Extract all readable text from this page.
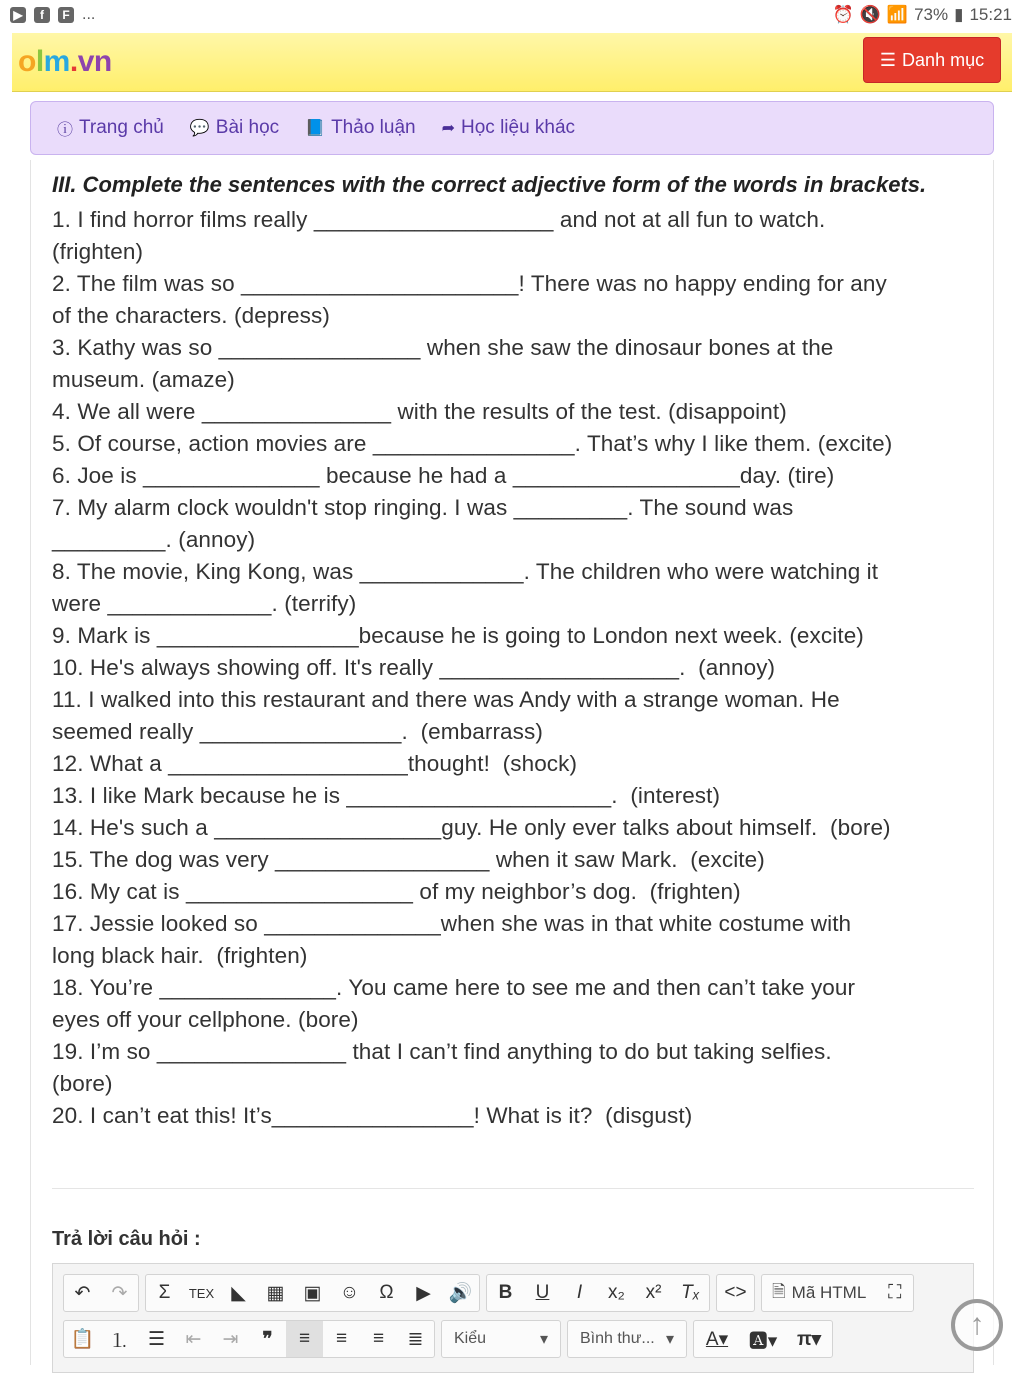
▶	f	F ...	⏰ 🔇 📶 73% ▮ 15:21
olm.vn	☰ Danh mục
ⓘ Trang chủ 💬 Bài học 📘 Thảo luận ➦ Học liệu khác
III. Complete the sentences with the correct adjective form of the words in brackets.
1. I find horror films really ___________________ and not at all fun to watch.
(frighten)
2. The film was so ______________________! There was no happy ending for any
of the characters. (depress)
3. Kathy was so ________________ when she saw the dinosaur bones at the
museum. (amaze)
4. We all were _______________ with the results of the test. (disappoint)
5. Of course, action movies are ________________. That’s why I like them. (excite)
6. Joe is ______________ because he had a __________________day. (tire)
7. My alarm clock wouldn't stop ringing. I was _________. The sound was
_________. (annoy)
8. The movie, King Kong, was _____________. The children who were watching it
were _____________. (terrify)
9. Mark is ________________because he is going to London next week. (excite)
10. He's always showing off. It's really ___________________.  (annoy)
11. I walked into this restaurant and there was Andy with a strange woman. He
seemed really ________________.  (embarrass)
12. What a ___________________thought!  (shock)
13. I like Mark because he is _____________________.  (interest)
14. He's such a __________________guy. He only ever talks about himself.  (bore)
15. The dog was very _________________ when it saw Mark.  (excite)
16. My cat is __________________ of my neighbor’s dog.  (frighten)
17. Jessie looked so ______________when she was in that white costume with
long black hair.  (frighten)
18. You’re ______________. You came here to see me and then can’t take your
eyes off your cellphone. (bore)
19. I’m so _______________ that I can’t find anything to do but taking selfies.
(bore)
20. I can’t eat this! It’s________________! What is it?  (disgust)
Trả lời câu hỏi :
↶	↷	Σ	TEX ◣	▦	▣ ☺	Ω	▶ 🔊	B	U	I	x₂	x²	Tₓ	<>	🗎 Mã HTML	⛶
📋 ⒈ ☰	⇤	⇥	❞	≡	≡	≡	≣	Kiểu	▾ Bình thư... ▾	A▾	🅰▾	π▾	↑
